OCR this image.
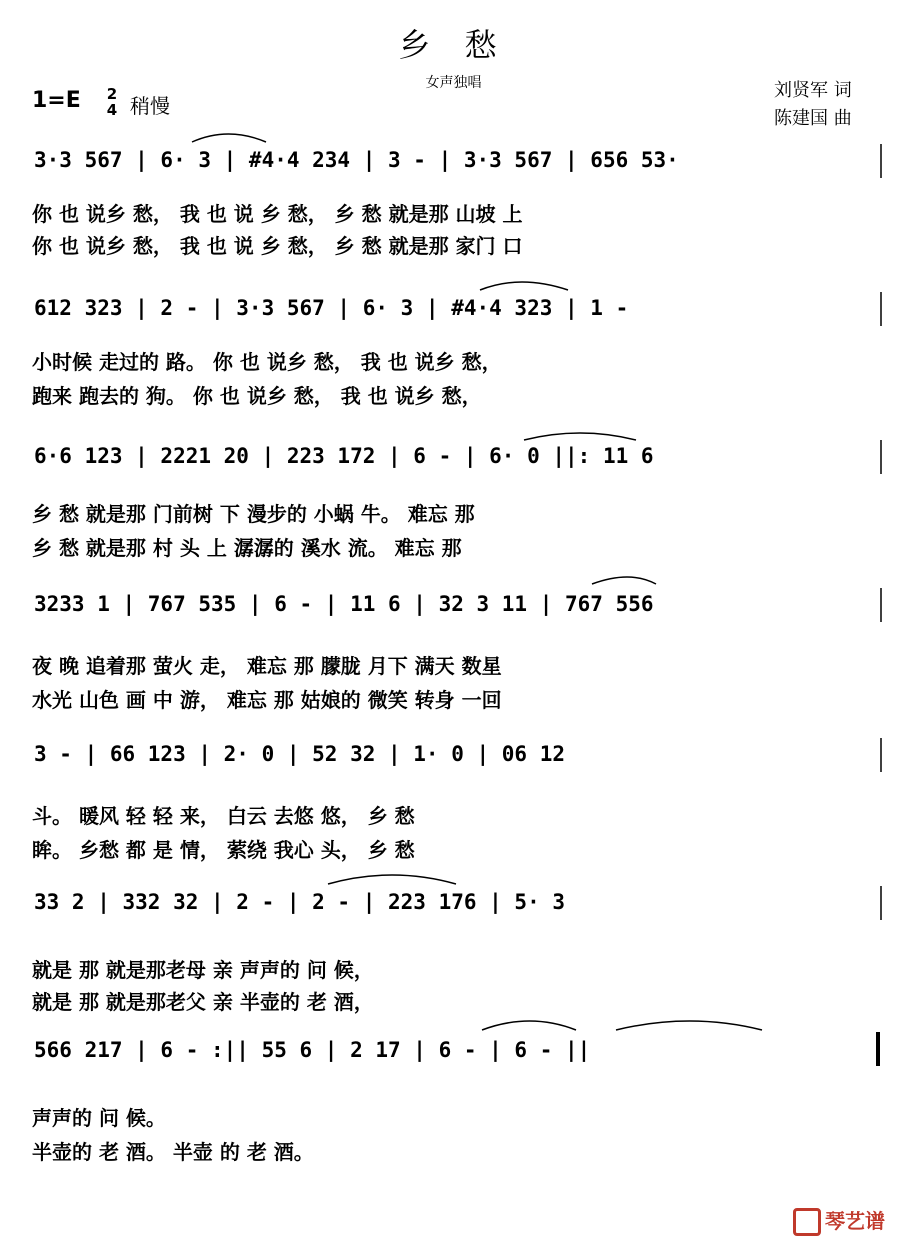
乡 愁
女声独唱
1=E 2
4 稍慢
刘贤军 词
陈建国 曲
3·3 567 | 6· 3 | #4·4 234 | 3 - | 3·3 567 | 656 53·
你 也 说乡 愁， 我 也 说 乡 愁， 乡 愁 就是那 山坡 上
你 也 说乡 愁， 我 也 说 乡 愁， 乡 愁 就是那 家门 口
612 323 | 2 - | 3·3 567 | 6· 3 | #4·4 323 | 1 -
小时候 走过的 路。 你 也 说乡 愁， 我 也 说乡 愁，
跑来 跑去的 狗。 你 也 说乡 愁， 我 也 说乡 愁，
6·6 123 | 2221 20 | 223 172 | 6 - | 6· 0 ||: 11 6
乡 愁 就是那 门前树 下 漫步的 小蜗 牛。 难忘 那
乡 愁 就是那 村 头 上 潺潺的 溪水 流。 难忘 那
3233 1 | 767 535 | 6 - | 11 6 | 32 3 11 | 767 556
夜 晚 追着那 萤火 走， 难忘 那 朦胧 月下 满天 数星
水光 山色 画 中 游， 难忘 那 姑娘的 微笑 转身 一回
3 - | 66 123 | 2· 0 | 52 32 | 1· 0 | 06 12
斗。 暖风 轻 轻 来， 白云 去悠 悠， 乡 愁
眸。 乡愁 都 是 情， 萦绕 我心 头， 乡 愁
33 2 | 332 32 | 2 - | 2 - | 223 176 | 5· 3
就是 那 就是那老母 亲 声声的 问 候，
就是 那 就是那老父 亲 半壶的 老 酒，
566 217 | 6 - :|| 55 6 | 2 17 | 6 - | 6 - ||
声声的 问 候。
半壶的 老 酒。 半壶 的 老 酒。
琴艺谱
